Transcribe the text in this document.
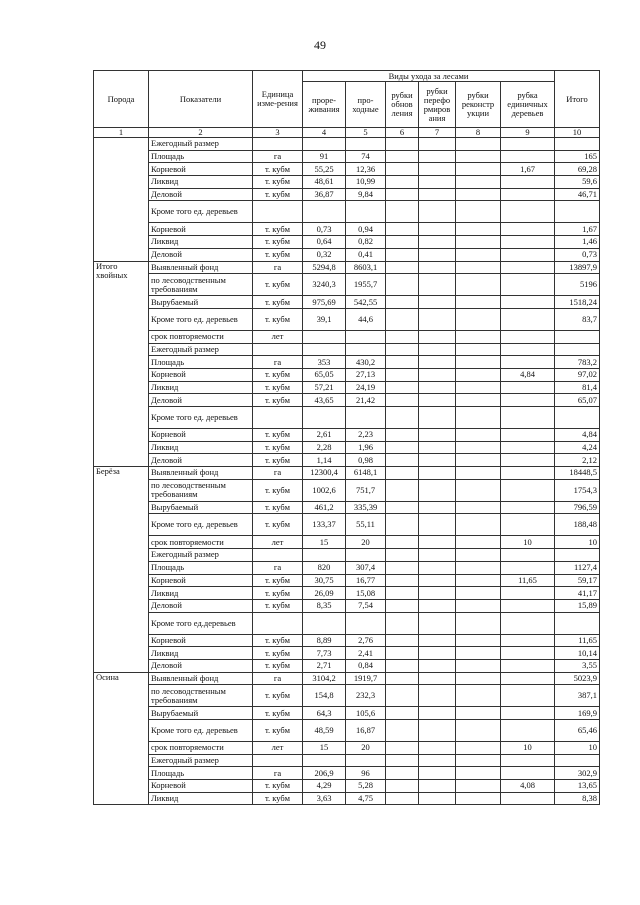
49
Порода	Показатели	Единица изме-рения	Виды ухода за лесами						Итого
			проре-живания	про-ходные	рубки обнов ления	рубки перефо рмиров ания	рубки реконстр укции	рубка единичных деревьев	
1	2	3	4	5	6	7	8	9	10
	Ежегодный размер								
	Площадь	га	91	74					165
	Корневой	т. кубм	55,25	12,36				1,67	69,28
	Ликвид	т. кубм	48,61	10,99					59,6
	Деловой	т. кубм	36,87	9,84					46,71
	Кроме того ед. деревьев								
	Корневой	т. кубм	0,73	0,94					1,67
	Ликвид	т. кубм	0,64	0,82					1,46
	Деловой	т. кубм	0,32	0,41					0,73
Итого хвойных	Выявленный фонд	га	5294,8	8603,1					13897,9
	по лесоводственным требованиям	т. кубм	3240,3	1955,7					5196
	Вырубаемый	т. кубм	975,69	542,55					1518,24
	Кроме того ед. деревьев	т. кубм	39,1	44,6					83,7
	срок повторяемости	лет							
	Ежегодный размер								
	Площадь	га	353	430,2					783,2
	Корневой	т. кубм	65,05	27,13				4,84	97,02
	Ликвид	т. кубм	57,21	24,19					81,4
	Деловой	т. кубм	43,65	21,42					65,07
	Кроме того ед. деревьев								
	Корневой	т. кубм	2,61	2,23					4,84
	Ликвид	т. кубм	2,28	1,96					4,24
	Деловой	т. кубм	1,14	0,98					2,12
Берёза	Выявленный фонд	га	12300,4	6148,1					18448,5
	по лесоводственным требованиям	т. кубм	1002,6	751,7					1754,3
	Вырубаемый	т. кубм	461,2	335,39					796,59
	Кроме того ед. деревьев	т. кубм	133,37	55,11					188,48
	срок повторяемости	лет	15	20				10	10
	Ежегодный размер								
	Площадь	га	820	307,4					1127,4
	Корневой	т. кубм	30,75	16,77				11,65	59,17
	Ликвид	т. кубм	26,09	15,08					41,17
	Деловой	т. кубм	8,35	7,54					15,89
	Кроме того ед.деревьев								
	Корневой	т. кубм	8,89	2,76					11,65
	Ликвид	т. кубм	7,73	2,41					10,14
	Деловой	т. кубм	2,71	0,84					3,55
Осина	Выявленный фонд	га	3104,2	1919,7					5023,9
	по лесоводственным требованиям	т. кубм	154,8	232,3					387,1
	Вырубаемый	т. кубм	64,3	105,6					169,9
	Кроме того ед. деревьев	т. кубм	48,59	16,87					65,46
	срок повторяемости	лет	15	20				10	10
	Ежегодный размер								
	Площадь	га	206,9	96					302,9
	Корневой	т. кубм	4,29	5,28				4,08	13,65
	Ликвид	т. кубм	3,63	4,75					8,38
